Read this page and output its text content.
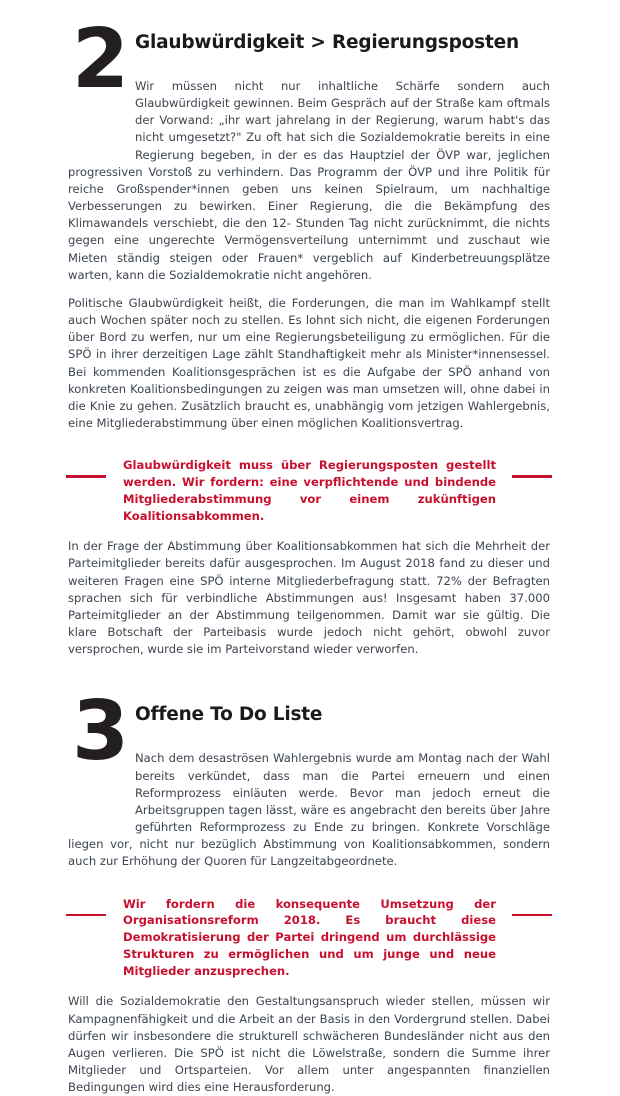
2 Glaubwürdigkeit > Regierungsposten

Wir müssen nicht nur inhaltliche Schärfe sondern auch Glaubwürdigkeit gewinnen. Beim Gespräch auf der Straße kam oftmals der Vorwand: „ihr wart jahrelang in der Regierung, warum habt's das nicht umgesetzt?" Zu oft hat sich die Sozialdemokratie bereits in eine Regierung begeben, in der es das Hauptziel der ÖVP war, jeglichen progressiven Vorstoß zu verhindern. Das Programm der ÖVP und ihre Politik für reiche Großspender*innen geben uns keinen Spielraum, um nachhaltige Verbesserungen zu bewirken. Einer Regierung, die die Bekämpfung des Klimawandels verschiebt, die den 12- Stunden Tag nicht zurücknimmt, die nichts gegen eine ungerechte Vermögensverteilung unternimmt und zuschaut wie Mieten ständig steigen oder Frauen* vergeblich auf Kinderbetreuungsplätze warten, kann die Sozialdemokratie nicht angehören.

Politische Glaubwürdigkeit heißt, die Forderungen, die man im Wahlkampf stellt auch Wochen später noch zu stellen. Es lohnt sich nicht, die eigenen Forderungen über Bord zu werfen, nur um eine Regierungsbeteiligung zu ermöglichen. Für die SPÖ in ihrer derzeitigen Lage zählt Standhaftigkeit mehr als Minister*innensessel. Bei kommenden Koalitionsgesprächen ist es die Aufgabe der SPÖ anhand von konkreten Koalitionsbedingungen zu zeigen was man umsetzen will, ohne dabei in die Knie zu gehen. Zusätzlich braucht es, unabhängig vom jetzigen Wahlergebnis, eine Mitgliederabstimmung über einen möglichen Koalitionsvertrag.

Glaubwürdigkeit muss über Regierungsposten gestellt werden. Wir fordern: eine verpflichtende und bindende Mitgliederabstimmung vor einem zukünftigen Koalitionsabkommen.

In der Frage der Abstimmung über Koalitionsabkommen hat sich die Mehrheit der Parteimitglieder bereits dafür ausgesprochen. Im August 2018 fand zu dieser und weiteren Fragen eine SPÖ interne Mitgliederbefragung statt. 72% der Befragten sprachen sich für verbindliche Abstimmungen aus! Insgesamt haben 37.000 Parteimitglieder an der Abstimmung teilgenommen. Damit war sie gültig. Die klare Botschaft der Parteibasis wurde jedoch nicht gehört, obwohl zuvor versprochen, wurde sie im Parteivorstand wieder verworfen.

3 Offene To Do Liste

Nach dem desaströsen Wahlergebnis wurde am Montag nach der Wahl bereits verkündet, dass man die Partei erneuern und einen Reformprozess einläuten werde. Bevor man jedoch erneut die Arbeitsgruppen tagen lässt, wäre es angebracht den bereits über Jahre geführten Reformprozess zu Ende zu bringen. Konkrete Vorschläge liegen vor, nicht nur bezüglich Abstimmung von Koalitionsabkommen, sondern auch zur Erhöhung der Quoren für Langzeitabgeordnete.

Wir fordern die konsequente Umsetzung der Organisationsreform 2018. Es braucht diese Demokratisierung der Partei dringend um durchlässige Strukturen zu ermöglichen und um junge und neue Mitglieder anzusprechen.

Will die Sozialdemokratie den Gestaltungsanspruch wieder stellen, müssen wir Kampagnenfähigkeit und die Arbeit an der Basis in den Vordergrund stellen. Dabei dürfen wir insbesondere die strukturell schwächeren Bundesländer nicht aus den Augen verlieren. Die SPÖ ist nicht die Löwelstraße, sondern die Summe ihrer Mitglieder und Ortsparteien. Vor allem unter angespannten finanziellen Bedingungen wird dies eine Herausforderung.
